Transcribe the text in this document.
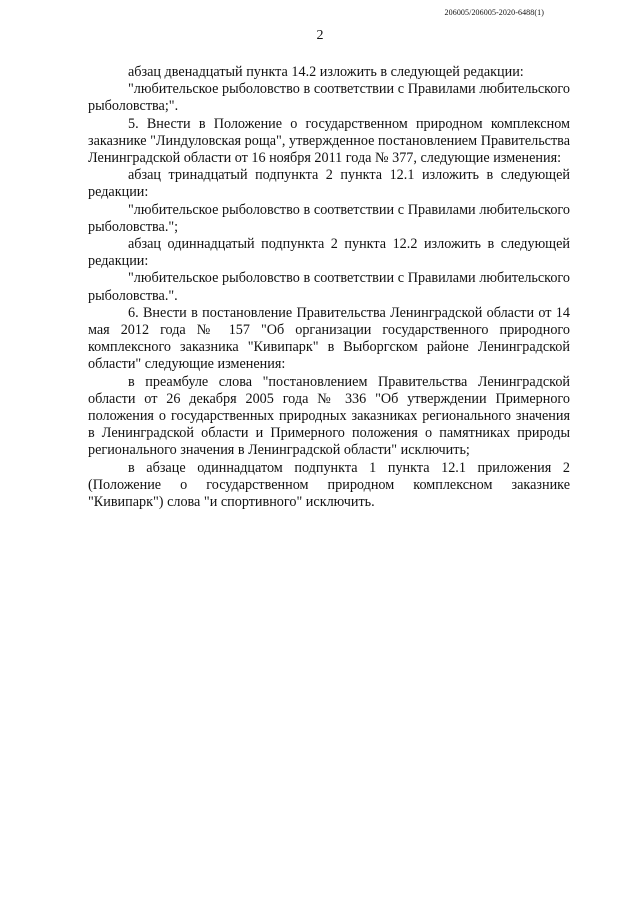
206005/206005-2020-6488(1)
2

абзац двенадцатый пункта 14.2 изложить в следующей редакции:

"любительское рыболовство в соответствии с Правилами любительского рыболовства;".

5. Внести в Положение о государственном природном комплексном заказнике "Линдуловская роща", утвержденное постановлением Правительства Ленинградской области от 16 ноября 2011 года № 377, следующие изменения:

абзац тринадцатый подпункта 2 пункта 12.1 изложить в следующей редакции:

"любительское рыболовство в соответствии с Правилами любительского рыболовства.";

абзац одиннадцатый подпункта 2 пункта 12.2 изложить в следующей редакции:

"любительское рыболовство в соответствии с Правилами любительского рыболовства.".

6. Внести в постановление Правительства Ленинградской области от 14 мая 2012 года № 157 "Об организации государственного природного комплексного заказника "Кивипарк" в Выборгском районе Ленинградской области" следующие изменения:

в преамбуле слова "постановлением Правительства Ленинградской области от 26 декабря 2005 года № 336 "Об утверждении Примерного положения о государственных природных заказниках регионального значения в Ленинградской области и Примерного положения о памятниках природы регионального значения в Ленинградской области" исключить;

в абзаце одиннадцатом подпункта 1 пункта 12.1 приложения 2 (Положение о государственном природном комплексном заказнике "Кивипарк") слова "и спортивного" исключить.
